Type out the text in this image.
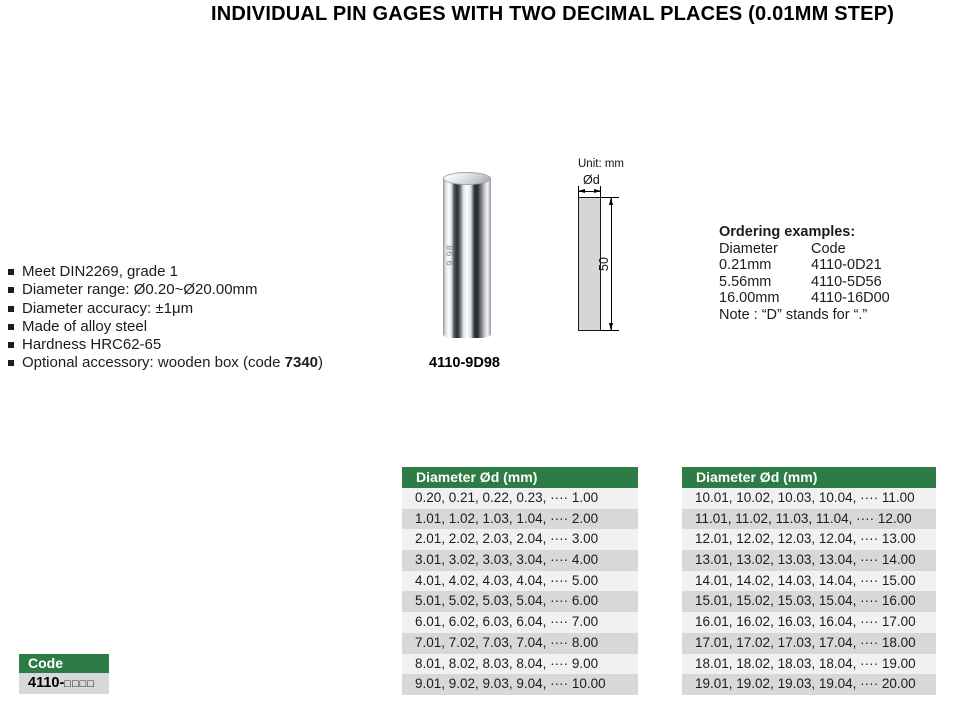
INDIVIDUAL PIN GAGES WITH TWO DECIMAL PLACES (0.01MM STEP)
Meet DIN2269, grade 1
Diameter range: Ø0.20~Ø20.00mm
Diameter accuracy: ±1μm
Made of alloy steel
Hardness HRC62-65
Optional accessory: wooden box (code 7340)
9.98
4110-9D98
Unit: mm
Ød
50
Ordering examples:
Diameter Code
0.21mm	4110-0D21
5.56mm	4110-5D56
16.00mm 4110-16D00
Note : “D” stands for “.”
Diameter Ød (mm)
0.20, 0.21, 0.22, 0.23, ···· 1.00
1.01, 1.02, 1.03, 1.04, ···· 2.00
2.01, 2.02, 2.03, 2.04, ···· 3.00
3.01, 3.02, 3.03, 3.04, ···· 4.00
4.01, 4.02, 4.03, 4.04, ···· 5.00
5.01, 5.02, 5.03, 5.04, ···· 6.00
6.01, 6.02, 6.03, 6.04, ···· 7.00
7.01, 7.02, 7.03, 7.04, ···· 8.00
8.01, 8.02, 8.03, 8.04, ···· 9.00
9.01, 9.02, 9.03, 9.04, ···· 10.00
Diameter Ød (mm)
10.01, 10.02, 10.03, 10.04, ···· 11.00
11.01, 11.02, 11.03, 11.04, ···· 12.00
12.01, 12.02, 12.03, 12.04, ···· 13.00
13.01, 13.02, 13.03, 13.04, ···· 14.00
14.01, 14.02, 14.03, 14.04, ···· 15.00
15.01, 15.02, 15.03, 15.04, ···· 16.00
16.01, 16.02, 16.03, 16.04, ···· 17.00
17.01, 17.02, 17.03, 17.04, ···· 18.00
18.01, 18.02, 18.03, 18.04, ···· 19.00
19.01, 19.02, 19.03, 19.04, ···· 20.00
Code
4110-□□□□
